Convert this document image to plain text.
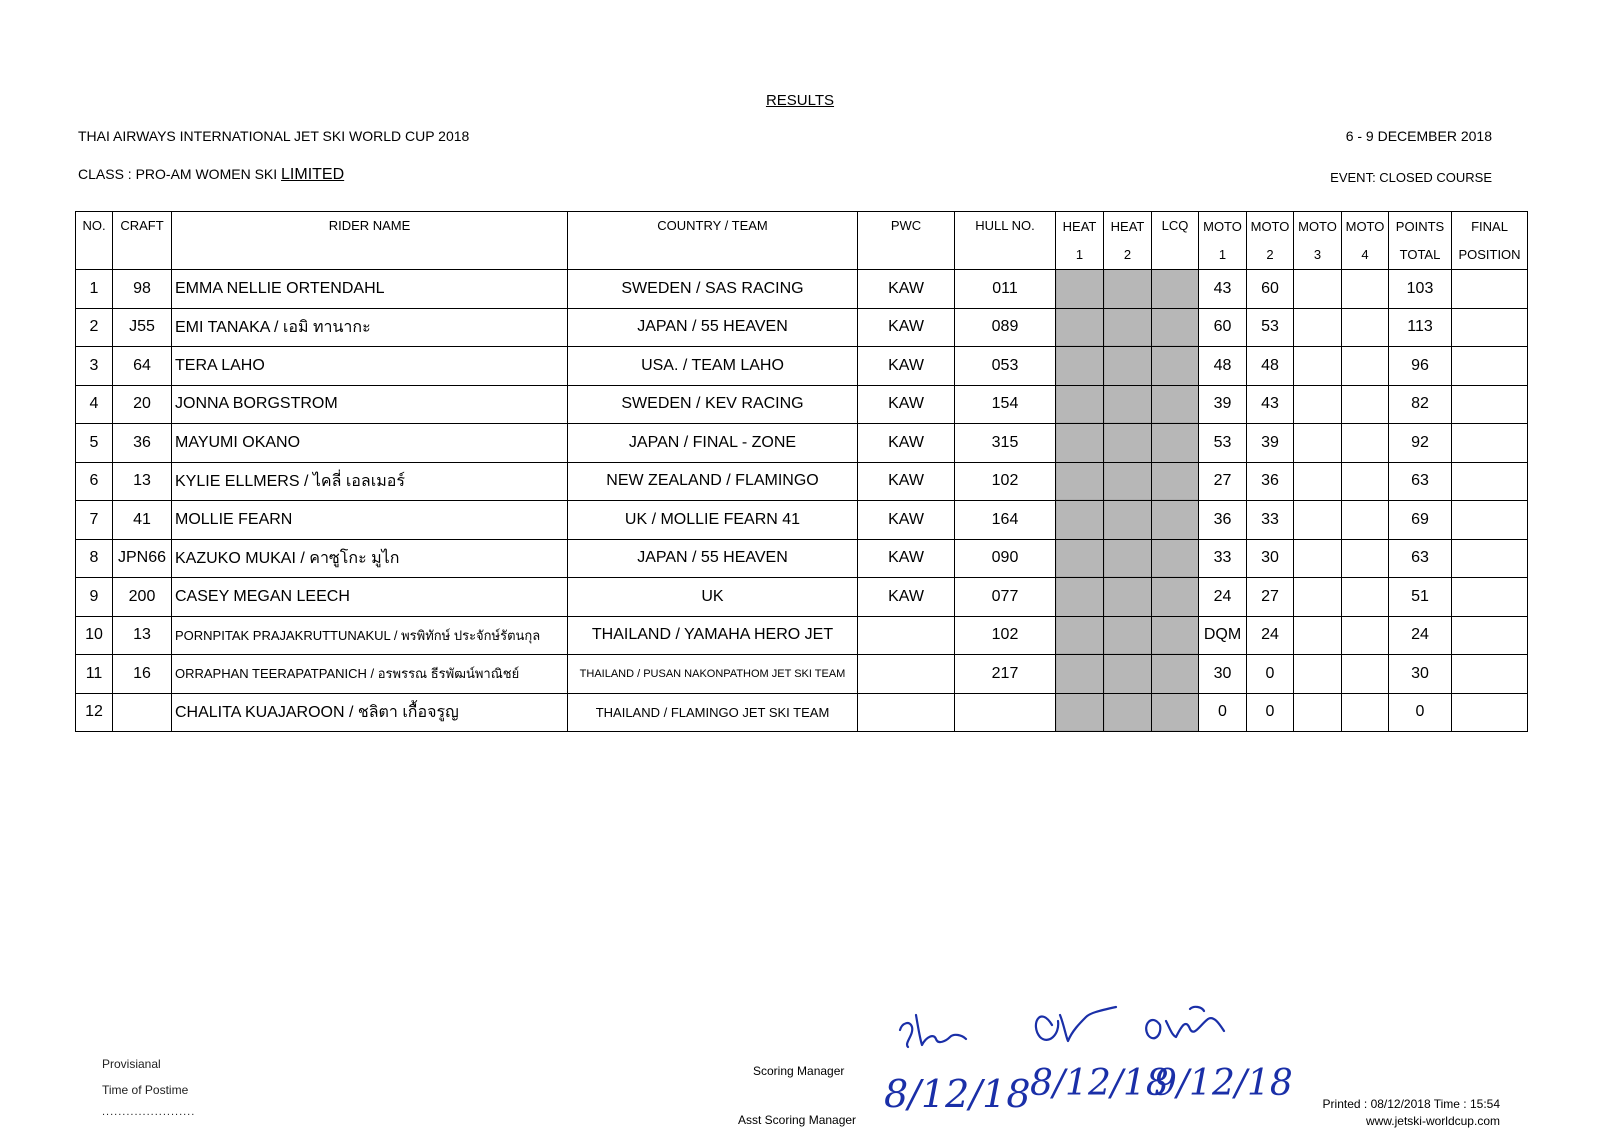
RESULTS
THAI AIRWAYS INTERNATIONAL JET SKI WORLD CUP 2018	6 - 9 DECEMBER 2018
CLASS : PRO-AM WOMEN SKI LIMITED	EVENT: CLOSED COURSE
NO.	CRAFT	RIDER NAME	COUNTRY / TEAM	PWC	HULL NO.	HEAT	HEAT	LCQ	MOTO	MOTO	MOTO	MOTO	POINTS	FINAL
						1	2		1	2	3	4	TOTAL	POSITION
1	98	EMMA NELLIE ORTENDAHL	SWEDEN / SAS RACING	KAW	011				43	60			103	
2	J55	EMI TANAKA / เอมิ ทานากะ	JAPAN / 55 HEAVEN	KAW	089				60	53			113	
3	64	TERA LAHO	USA. / TEAM LAHO	KAW	053				48	48			96	
4	20	JONNA BORGSTROM	SWEDEN / KEV RACING	KAW	154				39	43			82	
5	36	MAYUMI OKANO	JAPAN / FINAL - ZONE	KAW	315				53	39			92	
6	13	KYLIE ELLMERS / ไคลี่ เอลเมอร์	NEW ZEALAND / FLAMINGO	KAW	102				27	36			63	
7	41	MOLLIE FEARN	UK / MOLLIE FEARN 41	KAW	164				36	33			69	
8	JPN66	KAZUKO MUKAI / คาซูโกะ มูไก	JAPAN / 55 HEAVEN	KAW	090				33	30			63	
9	200	CASEY MEGAN LEECH	UK	KAW	077				24	27			51	
10	13	PORNPITAK PRAJAKRUTTUNAKUL / พรพิทักษ์ ประจักษ์รัตนกุล	THAILAND / YAMAHA HERO JET		102				DQM	24			24	
11	16	ORRAPHAN TEERAPATPANICH / อรพรรณ ธีรพัฒน์พาณิชย์	THAILAND / PUSAN NAKONPATHOM JET SKI TEAM		217				30	0			30	
12		CHALITA KUAJAROON / ชลิตา เกื้อจรูญ	THAILAND / FLAMINGO JET SKI TEAM						0	0			0	
Provisianal
Time of Postime
.......................
Scoring Manager
Asst Scoring Manager
Printed : 08/12/2018 Time : 15:54
www.jetski-worldcup.com
8/12/18 8/12/18
9/12/18
